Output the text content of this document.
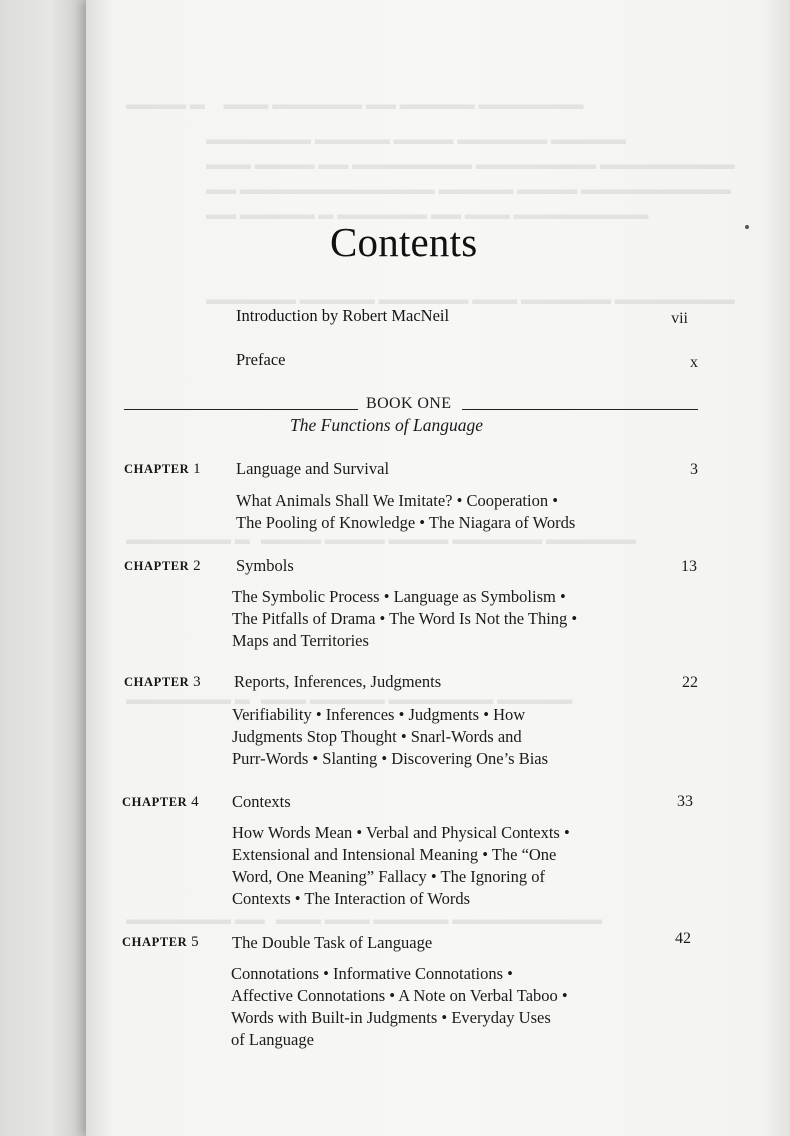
▬▬▬▬ ▬     ▬▬▬ ▬▬▬▬▬▬ ▬▬ ▬▬▬▬▬ ▬▬▬▬▬▬▬
▬▬▬▬▬▬▬ ▬▬▬▬▬ ▬▬▬▬ ▬▬▬▬▬▬ ▬▬▬▬▬
▬▬▬ ▬▬▬▬ ▬▬ ▬▬▬▬▬▬▬▬ ▬▬▬▬▬▬▬▬ ▬▬▬▬▬▬▬▬▬
▬▬ ▬▬▬▬▬▬▬▬▬▬▬▬▬ ▬▬▬▬▬ ▬▬▬▬ ▬▬▬▬▬▬▬▬▬▬
▬▬ ▬▬▬▬▬ ▬ ▬▬▬▬▬▬ ▬▬ ▬▬▬ ▬▬▬▬▬▬▬▬▬
▬▬▬▬▬▬ ▬▬▬▬▬ ▬▬▬▬▬▬ ▬▬▬ ▬▬▬▬▬▬ ▬▬▬▬▬▬▬▬
▬▬▬▬▬▬▬ ▬   ▬▬▬▬ ▬▬▬▬ ▬▬▬▬ ▬▬▬▬▬▬ ▬▬▬▬▬▬
▬▬▬▬▬▬▬ ▬   ▬▬▬ ▬▬▬▬▬ ▬▬▬▬▬▬▬ ▬▬▬▬▬
▬▬▬▬▬▬▬ ▬▬   ▬▬▬ ▬▬▬ ▬▬▬▬▬ ▬▬▬▬▬▬▬▬▬▬
Contents
Introduction by Robert MacNeil	vii
Preface	x
BOOK ONE
The Functions of Language
CHAPTER 1 Language and Survival	3
What Animals Shall We Imitate? • Cooperation •
The Pooling of Knowledge • The Niagara of Words
CHAPTER 2 Symbols	13
The Symbolic Process • Language as Symbolism •
The Pitfalls of Drama • The Word Is Not the Thing •
Maps and Territories
CHAPTER 3 Reports, Inferences, Judgments	22
Verifiability • Inferences • Judgments • How
Judgments Stop Thought • Snarl-Words and
Purr-Words • Slanting • Discovering One’s Bias
CHAPTER 4 Contexts	33
How Words Mean • Verbal and Physical Contexts •
Extensional and Intensional Meaning • The “One
Word, One Meaning” Fallacy • The Ignoring of
Contexts • The Interaction of Words
CHAPTER 5 The Double Task of Language	42
Connotations • Informative Connotations •
Affective Connotations • A Note on Verbal Taboo •
Words with Built-in Judgments • Everyday Uses
of Language
